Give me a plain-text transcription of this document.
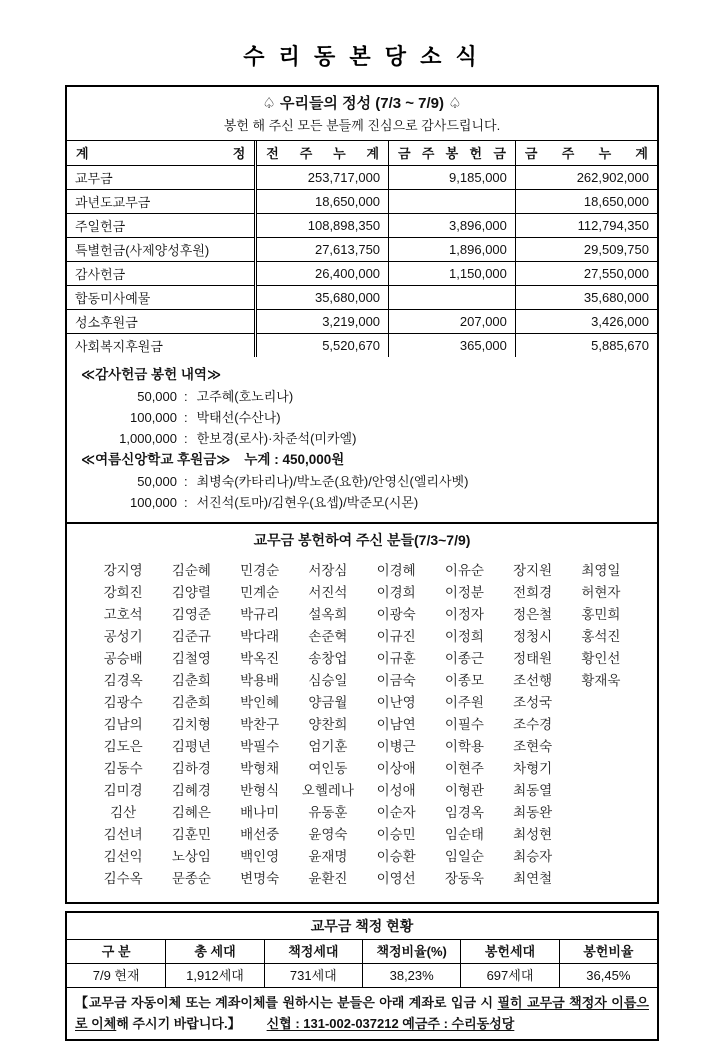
수 리 동 본 당 소 식
♤ 우리들의 정성 (7/3 ~ 7/9) ♤
봉헌 해 주신 모든 분들께 진심으로 감사드립니다.
계 정	전 주 누 계	금 주 봉 헌 금	금 주 누 계
교무금	253,717,000	9,185,000	262,902,000
과년도교무금	18,650,000		18,650,000
주일헌금	108,898,350	3,896,000	112,794,350
특별헌금(사제양성후원)	27,613,750	1,896,000	29,509,750
감사헌금	26,400,000	1,150,000	27,550,000
합동미사예물	35,680,000		35,680,000
성소후원금	3,219,000	207,000	3,426,000
사회복지후원금	5,520,670	365,000	5,885,670
≪감사헌금 봉헌 내역≫
50,000 : 고주혜(호노리나)
100,000 : 박태선(수산나)
1,000,000 : 한보경(로사)·차준석(미카엘)
≪여름신앙학교 후원금≫ 누계 : 450,000원
50,000 : 최병숙(카타리나)/박노준(요한)/안영신(엘리사벳)
100,000 : 서진석(토마)/김현우(요셉)/박준모(시몬)
교무금 봉헌하여 주신 분들(7/3~7/9)
강지영	김순혜	민경순	서장심	이경혜	이유순	장지원	최영일
강희진	김양렬	민계순	서진석	이경희	이정분	전희경	허현자
고호석	김영준	박규리	설옥희	이광숙	이정자	정은철	홍민희
공성기	김준규	박다래	손준혁	이규진	이정희	정청시	홍석진
공승배	김철영	박옥진	송창업	이규훈	이종근	정태원	황인선
김경옥	김춘희	박용배	심승일	이금숙	이종모	조선행	황재욱
김광수	김춘희	박인혜	양금월	이난영	이주원	조성국
김남의	김치형	박찬구	양찬희	이남연	이필수	조수경
김도은	김평년	박필수	엄기훈	이병근	이학용	조현숙
김동수	김하경	박형채	여인동	이상애	이현주	차형기
김미경	김혜경	반형식	오헬레나	이성애	이형관	최동열
김산	김혜은	배나미	유동훈	이순자	임경옥	최동완
김선녀	김훈민	배선중	윤영숙	이승민	임순태	최성현
김선익	노상임	백인영	윤재명	이승환	임일순	최승자
김수옥	문종순	변명숙	윤환진	이영선	장동욱	최연철
교무금 책정 현황
구 분	총 세대	책정세대	책정비율(%)	봉헌세대	봉헌비율
7/9 현재	1,912세대	731세대	38,23%	697세대	36,45%

【교무금 자동이체 또는 계좌이체를 원하시는 분들은 아래 계좌로 입금 시 필히 교무금 책정자 이름으로 이체해 주시기 바랍니다.】 신협 : 131-002-037212 예금주 : 수리동성당
